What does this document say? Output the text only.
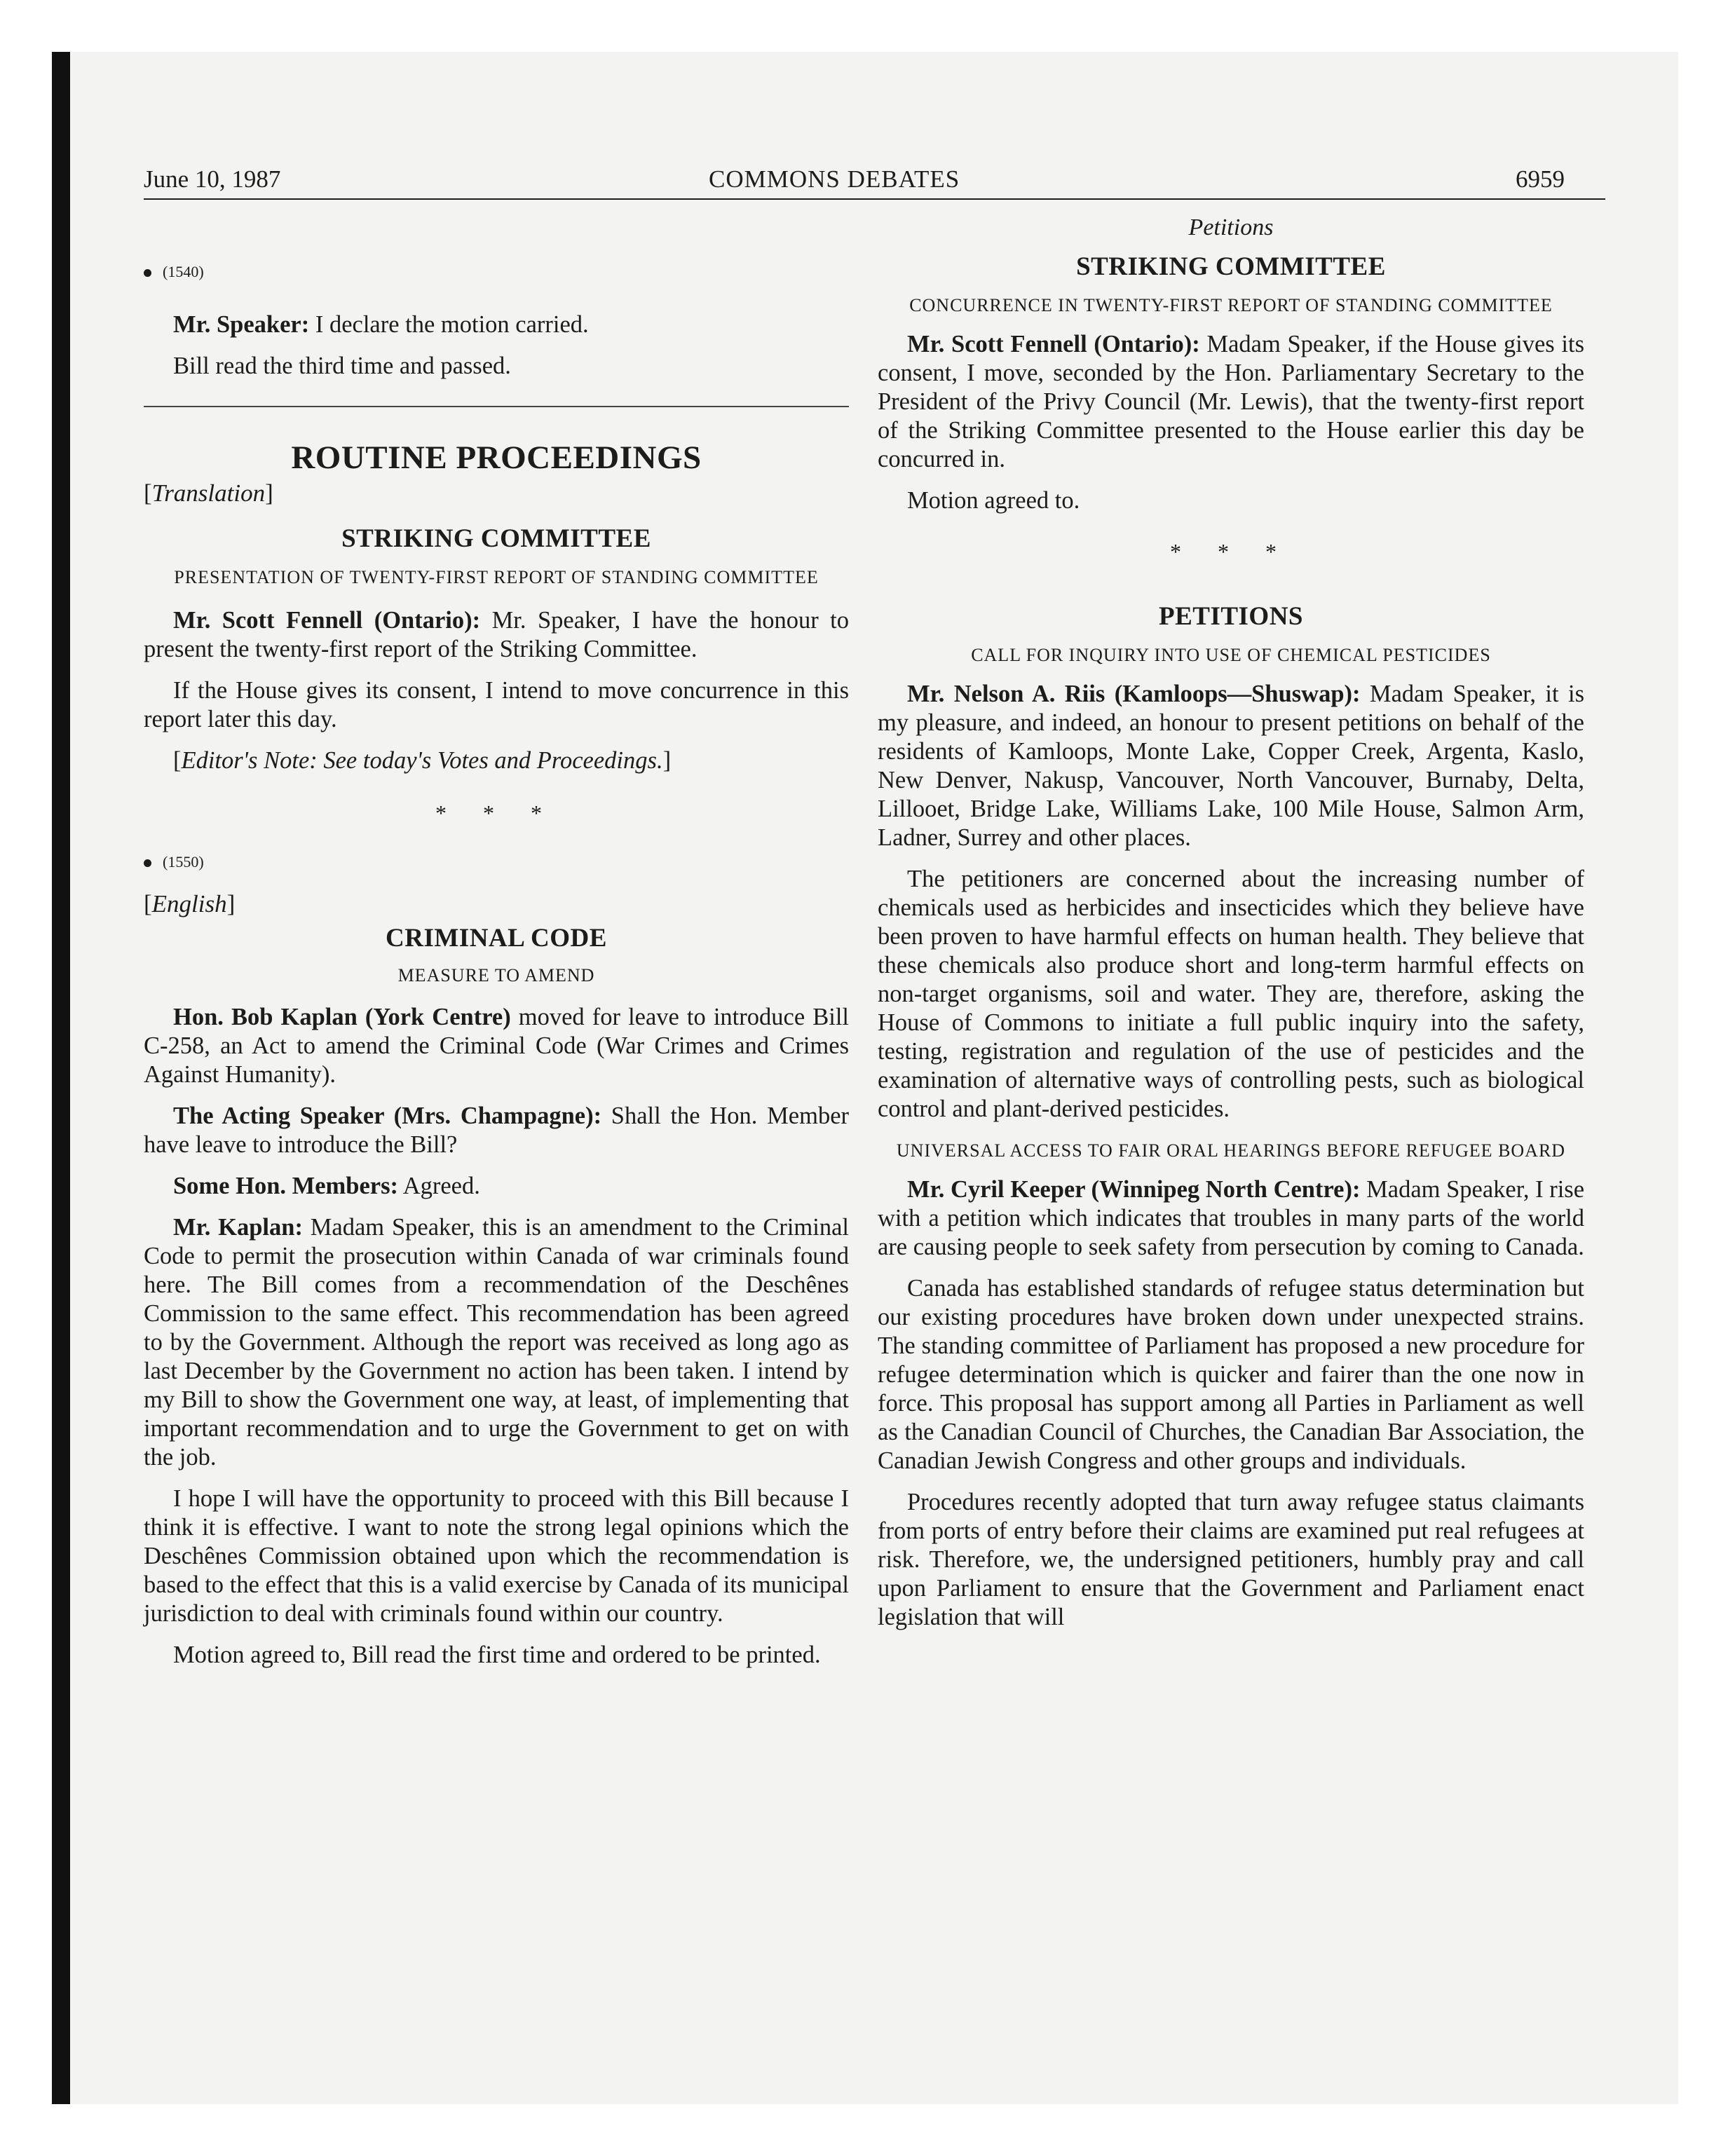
June 10, 1987	COMMONS DEBATES	6959

(1540)

Mr. Speaker: I declare the motion carried.

Bill read the third time and passed.

ROUTINE PROCEEDINGS

[Translation]

STRIKING COMMITTEE

PRESENTATION OF TWENTY-FIRST REPORT OF STANDING COMMITTEE

Mr. Scott Fennell (Ontario): Mr. Speaker, I have the honour to present the twenty-first report of the Striking Committee.

If the House gives its consent, I intend to move concurrence in this report later this day.

[Editor's Note: See today's Votes and Proceedings.]

* * *

(1550)

[English]

CRIMINAL CODE

MEASURE TO AMEND

Hon. Bob Kaplan (York Centre) moved for leave to introduce Bill C-258, an Act to amend the Criminal Code (War Crimes and Crimes Against Humanity).

The Acting Speaker (Mrs. Champagne): Shall the Hon. Member have leave to introduce the Bill?

Some Hon. Members: Agreed.

Mr. Kaplan: Madam Speaker, this is an amendment to the Criminal Code to permit the prosecution within Canada of war criminals found here. The Bill comes from a recommendation of the Deschênes Commission to the same effect. This recommendation has been agreed to by the Government. Although the report was received as long ago as last December by the Government no action has been taken. I intend by my Bill to show the Government one way, at least, of implementing that important recommendation and to urge the Government to get on with the job.

I hope I will have the opportunity to proceed with this Bill because I think it is effective. I want to note the strong legal opinions which the Deschênes Commission obtained upon which the recommendation is based to the effect that this is a valid exercise by Canada of its municipal jurisdiction to deal with criminals found within our country.

Motion agreed to, Bill read the first time and ordered to be printed.

Petitions

STRIKING COMMITTEE

CONCURRENCE IN TWENTY-FIRST REPORT OF STANDING COMMITTEE

Mr. Scott Fennell (Ontario): Madam Speaker, if the House gives its consent, I move, seconded by the Hon. Parliamentary Secretary to the President of the Privy Council (Mr. Lewis), that the twenty-first report of the Striking Committee presented to the House earlier this day be concurred in.

Motion agreed to.

* * *

PETITIONS

CALL FOR INQUIRY INTO USE OF CHEMICAL PESTICIDES

Mr. Nelson A. Riis (Kamloops—Shuswap): Madam Speaker, it is my pleasure, and indeed, an honour to present petitions on behalf of the residents of Kamloops, Monte Lake, Copper Creek, Argenta, Kaslo, New Denver, Nakusp, Vancouver, North Vancouver, Burnaby, Delta, Lillooet, Bridge Lake, Williams Lake, 100 Mile House, Salmon Arm, Ladner, Surrey and other places.

The petitioners are concerned about the increasing number of chemicals used as herbicides and insecticides which they believe have been proven to have harmful effects on human health. They believe that these chemicals also produce short and long-term harmful effects on non-target organisms, soil and water. They are, therefore, asking the House of Commons to initiate a full public inquiry into the safety, testing, registration and regulation of the use of pesticides and the examination of alternative ways of controlling pests, such as biological control and plant-derived pesticides.

UNIVERSAL ACCESS TO FAIR ORAL HEARINGS BEFORE REFUGEE BOARD

Mr. Cyril Keeper (Winnipeg North Centre): Madam Speaker, I rise with a petition which indicates that troubles in many parts of the world are causing people to seek safety from persecution by coming to Canada.

Canada has established standards of refugee status determination but our existing procedures have broken down under unexpected strains. The standing committee of Parliament has proposed a new procedure for refugee determination which is quicker and fairer than the one now in force. This proposal has support among all Parties in Parliament as well as the Canadian Council of Churches, the Canadian Bar Association, the Canadian Jewish Congress and other groups and individuals.

Procedures recently adopted that turn away refugee status claimants from ports of entry before their claims are examined put real refugees at risk. Therefore, we, the undersigned petitioners, humbly pray and call upon Parliament to ensure that the Government and Parliament enact legislation that will
